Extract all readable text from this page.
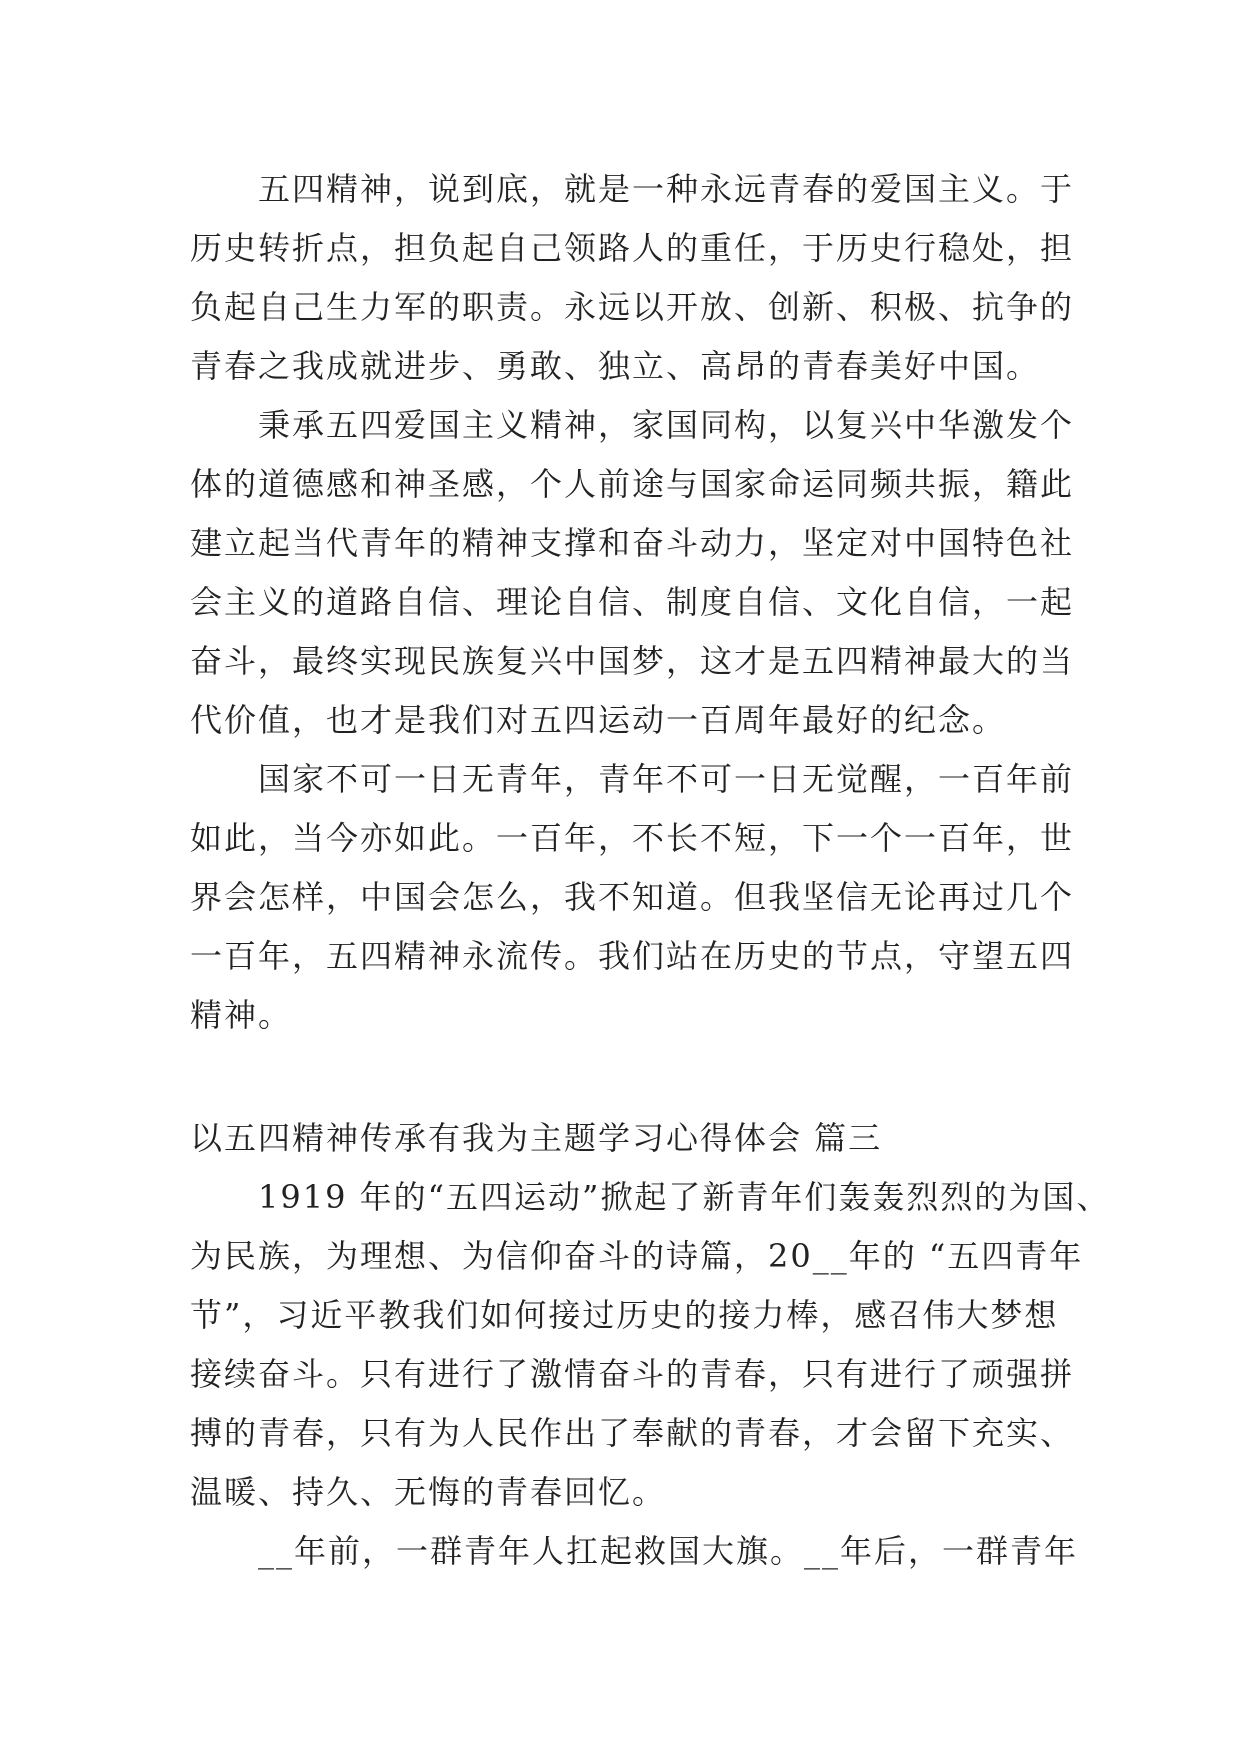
五四精神，说到底，就是一种永远青春的爱国主义。于
历史转折点，担负起自己领路人的重任，于历史行稳处，担
负起自己生力军的职责。永远以开放、创新、积极、抗争的
青春之我成就进步、勇敢、独立、高昂的青春美好中国。

秉承五四爱国主义精神，家国同构，以复兴中华激发个
体的道德感和神圣感，个人前途与国家命运同频共振，籍此
建立起当代青年的精神支撑和奋斗动力，坚定对中国特色社
会主义的道路自信、理论自信、制度自信、文化自信，一起
奋斗，最终实现民族复兴中国梦，这才是五四精神最大的当
代价值，也才是我们对五四运动一百周年最好的纪念。

国家不可一日无青年，青年不可一日无觉醒，一百年前
如此，当今亦如此。一百年，不长不短，下一个一百年，世
界会怎样，中国会怎么，我不知道。但我坚信无论再过几个
一百年，五四精神永流传。我们站在历史的节点，守望五四
精神。

以五四精神传承有我为主题学习心得体会 篇三

1919 年的“五四运动”掀起了新青年们轰轰烈烈的为国、
为民族，为理想、为信仰奋斗的诗篇，20__年的 “五四青年
节”，习近平教我们如何接过历史的接力棒，感召伟大梦想
接续奋斗。只有进行了激情奋斗的青春，只有进行了顽强拼
搏的青春，只有为人民作出了奉献的青春，才会留下充实、
温暖、持久、无悔的青春回忆。

__年前，一群青年人扛起救国大旗。__年后，一群青年
